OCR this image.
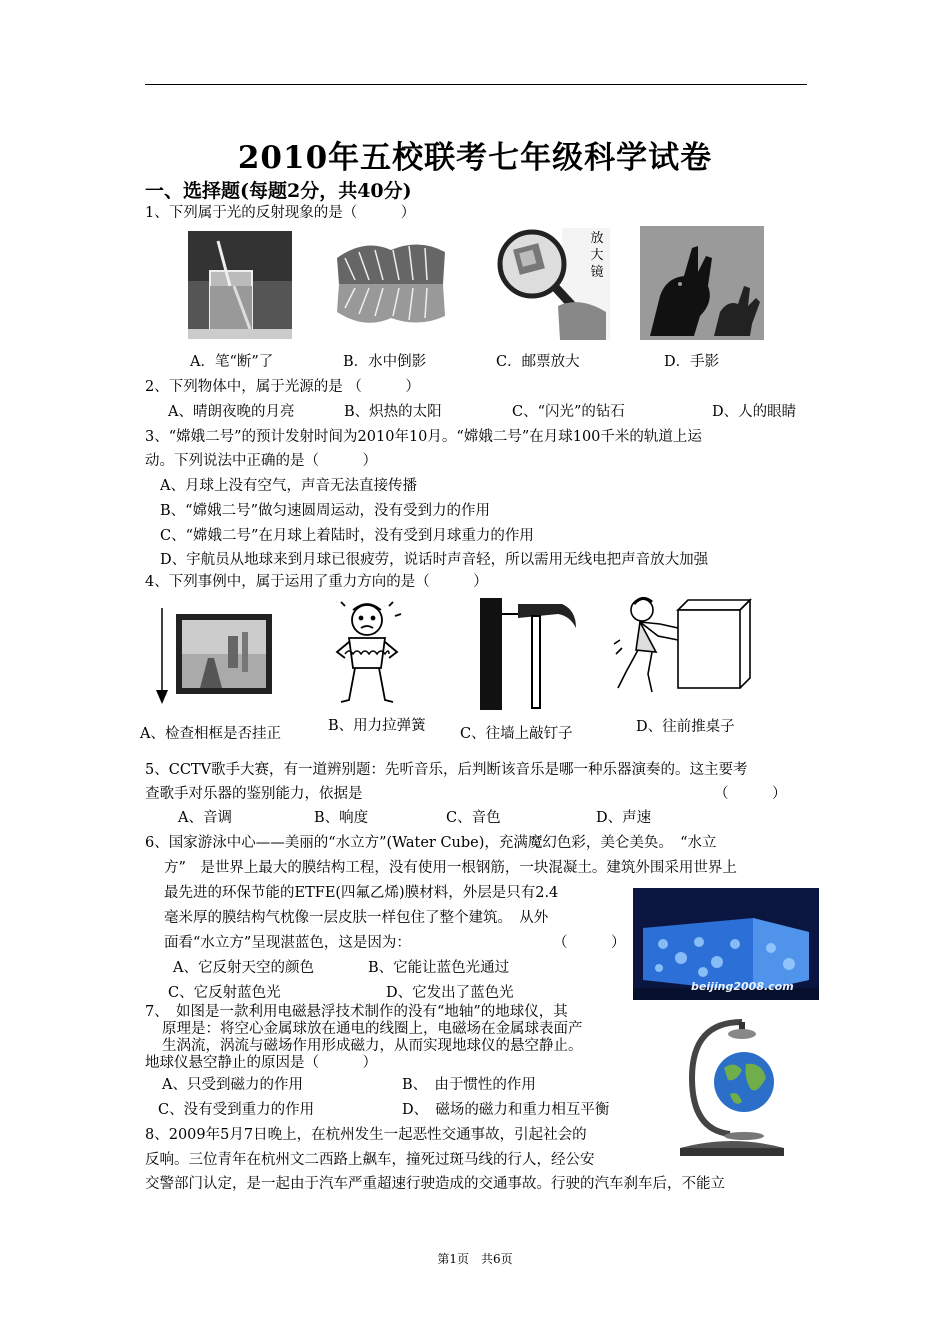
2010年五校联考七年级科学试卷
一、选择题(每题2分，共40分)
1、下列属于光的反射现象的是（　　　）
放大镜
A．笔“断”了	B．水中倒影	C．邮票放大	D．手影
2、下列物体中，属于光源的是 （　　　）
A、晴朗夜晚的月亮	B、炽热的太阳	C、“闪光”的钻石	D、人的眼睛
3、“嫦娥二号”的预计发射时间为2010年10月。“嫦娥二号”在月球100千米的轨道上运
动。下列说法中正确的是（　　　）
A、月球上没有空气，声音无法直接传播
B、“嫦娥二号”做匀速圆周运动，没有受到力的作用
C、“嫦娥二号”在月球上着陆时，没有受到月球重力的作用
D、宇航员从地球来到月球已很疲劳，说话时声音轻，所以需用无线电把声音放大加强
4、下列事例中，属于运用了重力方向的是（　　　）
A、检查相框是否挂正	B、用力拉弹簧 C、往墙上敲钉子	D、往前推桌子
5、CCTV歌手大赛，有一道辨别题：先听音乐，后判断该音乐是哪一种乐器演奏的。这主要考
查歌手对乐器的鉴别能力，依据是	（　　　）
A、音调	B、响度	C、音色	D、声速
6、国家游泳中心——美丽的“水立方”(Water Cube)，充满魔幻色彩，美仑美奂。　“水立
方”　是世界上最大的膜结构工程，没有使用一根钢筋，一块混凝土。建筑外围采用世界上
最先进的环保节能的ETFE(四氟乙烯)膜材料，外层是只有2.4
毫米厚的膜结构气枕像一层皮肤一样包住了整个建筑。　从外
面看“水立方”呈现湛蓝色，这是因为：	（　　　）
beijing2008.com
A、它反射天空的颜色	B、它能让蓝色光通过
C、它反射蓝色光	D、它发出了蓝色光
7、　如图是一款利用电磁悬浮技术制作的没有“地轴”的地球仪，其
原理是：将空心金属球放在通电的线圈上，电磁场在金属球表面产
生涡流，涡流与磁场作用形成磁力，从而实现地球仪的悬空静止。
地球仪悬空静止的原因是（　　　）
A、只受到磁力的作用	B、　由于惯性的作用
C、没有受到重力的作用	D、　磁场的磁力和重力相互平衡
8、2009年5月7日晚上，在杭州发生一起恶性交通事故，引起社会的
反响。三位青年在杭州文二西路上飙车，撞死过斑马线的行人，经公安
交警部门认定，是一起由于汽车严重超速行驶造成的交通事故。行驶的汽车刹车后，不能立
第1页　共6页
